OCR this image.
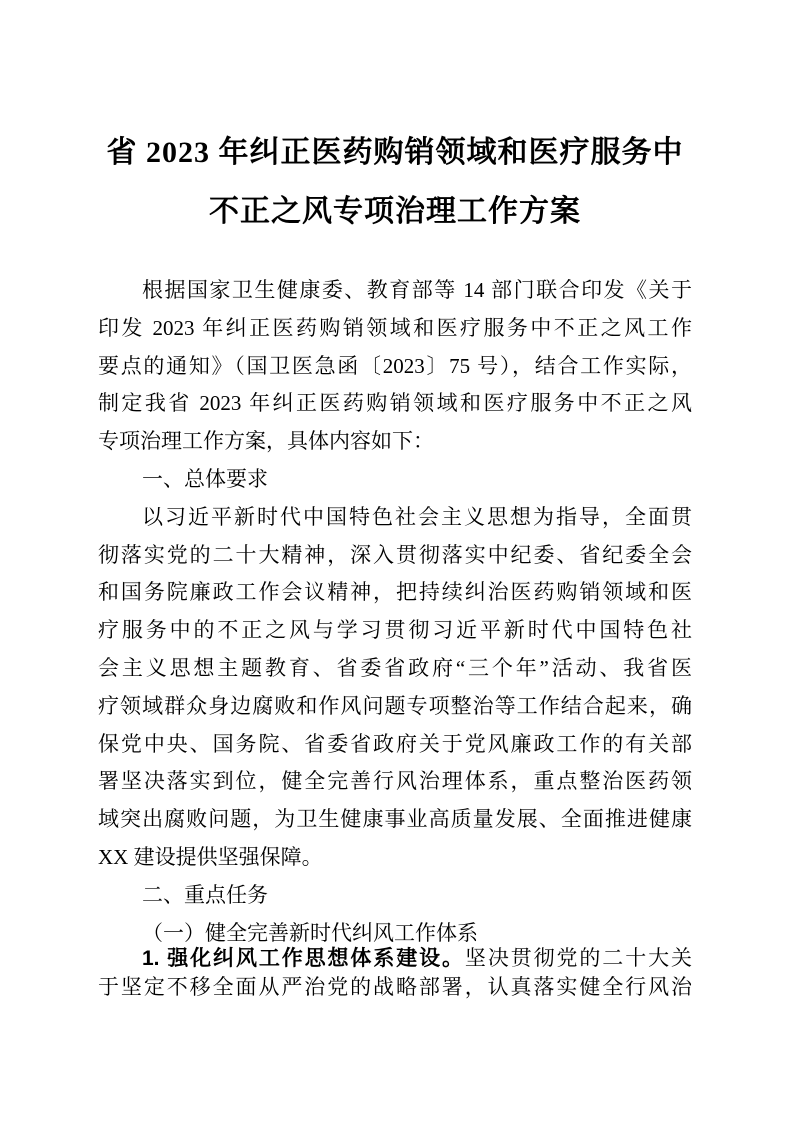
省 2023 年纠正医药购销领域和医疗服务中
不正之风专项治理工作方案
根据国家卫生健康委、教育部等 14 部门联合印发《关于
印发 2023 年纠正医药购销领域和医疗服务中不正之风工作
要点的通知》（国卫医急函〔2023〕75 号），结合工作实际，
制定我省 2023 年纠正医药购销领域和医疗服务中不正之风
专项治理工作方案，具体内容如下：
一、总体要求
以习近平新时代中国特色社会主义思想为指导，全面贯
彻落实党的二十大精神，深入贯彻落实中纪委、省纪委全会
和国务院廉政工作会议精神，把持续纠治医药购销领域和医
疗服务中的不正之风与学习贯彻习近平新时代中国特色社
会主义思想主题教育、省委省政府“三个年”活动、我省医
疗领域群众身边腐败和作风问题专项整治等工作结合起来，确
保党中央、国务院、省委省政府关于党风廉政工作的有关部
署坚决落实到位，健全完善行风治理体系，重点整治医药领
域突出腐败问题，为卫生健康事业高质量发展、全面推进健康
XX 建设提供坚强保障。
二、重点任务
（一）健全完善新时代纠风工作体系
1. 强化纠风工作思想体系建设。坚决贯彻党的二十大关
于坚定不移全面从严治党的战略部署，认真落实健全行风治
